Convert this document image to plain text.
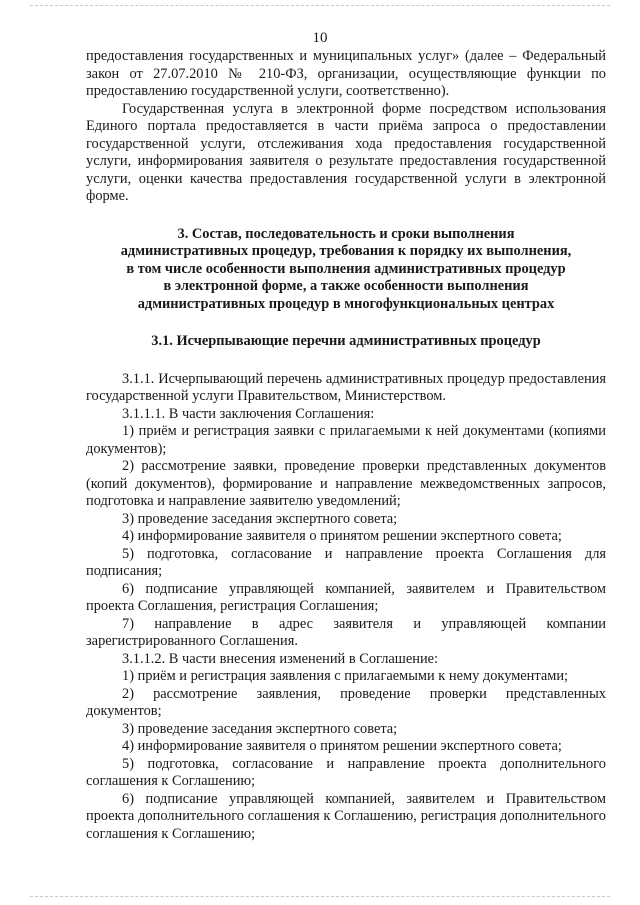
10

предоставления государственных и муниципальных услуг» (далее – Федеральный закон от 27.07.2010 № 210-ФЗ, организации, осуществляющие функции по предоставлению государственной услуги, соответственно).

Государственная услуга в электронной форме посредством использования Единого портала предоставляется в части приёма запроса о предоставлении государственной услуги, отслеживания хода предоставления государственной услуги, информирования заявителя о результате предоставления государственной услуги, оценки качества предоставления государственной услуги в электронной форме.

3. Состав, последовательность и сроки выполнения
административных процедур, требования к порядку их выполнения,
в том числе особенности выполнения административных процедур
в электронной форме, а также особенности выполнения
административных процедур в многофункциональных центрах

3.1. Исчерпывающие перечни административных процедур

3.1.1. Исчерпывающий перечень административных процедур предоставления государственной услуги Правительством, Министерством.

3.1.1.1. В части заключения Соглашения:

1) приём и регистрация заявки с прилагаемыми к ней документами (копиями документов);

2) рассмотрение заявки, проведение проверки представленных документов (копий документов), формирование и направление межведомственных запросов, подготовка и направление заявителю уведомлений;

3) проведение заседания экспертного совета;

4) информирование заявителя о принятом решении экспертного совета;

5) подготовка, согласование и направление проекта Соглашения для подписания;

6) подписание управляющей компанией, заявителем и Правительством проекта Соглашения, регистрация Соглашения;

7) направление в адрес заявителя и управляющей компании зарегистрированного Соглашения.

3.1.1.2. В части внесения изменений в Соглашение:

1) приём и регистрация заявления с прилагаемыми к нему документами;

2) рассмотрение заявления, проведение проверки представленных документов;

3) проведение заседания экспертного совета;

4) информирование заявителя о принятом решении экспертного совета;

5) подготовка, согласование и направление проекта дополнительного соглашения к Соглашению;

6) подписание управляющей компанией, заявителем и Правительством проекта дополнительного соглашения к Соглашению, регистрация дополнительного соглашения к Соглашению;
